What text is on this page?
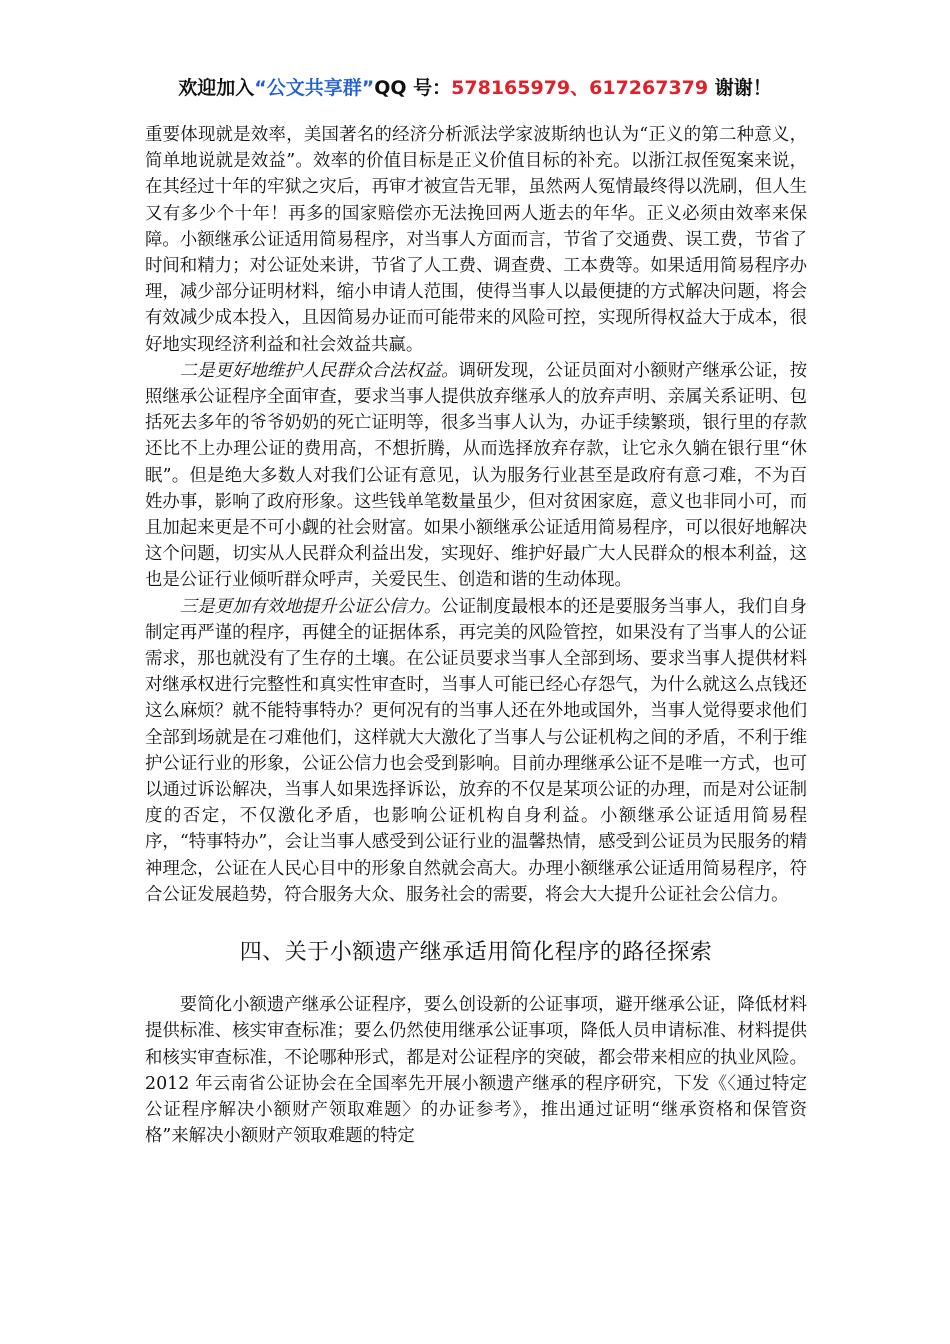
欢迎加入“公文共享群”QQ 号：578165979、617267379 谢谢！

重要体现就是效率，美国著名的经济分析派法学家波斯纳也认为“正义的第二种意义，简单地说就是效益”。效率的价值目标是正义价值目标的补充。以浙江叔侄冤案来说，在其经过十年的牢狱之灾后，再审才被宣告无罪，虽然两人冤情最终得以洗刷，但人生又有多少个十年！再多的国家赔偿亦无法挽回两人逝去的年华。正义必须由效率来保障。小额继承公证适用简易程序，对当事人方面而言，节省了交通费、误工费，节省了时间和精力；对公证处来讲，节省了人工费、调查费、工本费等。如果适用简易程序办理，减少部分证明材料，缩小申请人范围，使得当事人以最便捷的方式解决问题，将会有效减少成本投入，且因简易办证而可能带来的风险可控，实现所得权益大于成本，很好地实现经济利益和社会效益共赢。

二是更好地维护人民群众合法权益。调研发现，公证员面对小额财产继承公证，按照继承公证程序全面审查，要求当事人提供放弃继承人的放弃声明、亲属关系证明、包括死去多年的爷爷奶奶的死亡证明等，很多当事人认为，办证手续繁琐，银行里的存款还比不上办理公证的费用高，不想折腾，从而选择放弃存款，让它永久躺在银行里“休眠”。但是绝大多数人对我们公证有意见，认为服务行业甚至是政府有意刁难，不为百姓办事，影响了政府形象。这些钱单笔数量虽少，但对贫困家庭，意义也非同小可，而且加起来更是不可小觑的社会财富。如果小额继承公证适用简易程序，可以很好地解决这个问题，切实从人民群众利益出发，实现好、维护好最广大人民群众的根本利益，这也是公证行业倾听群众呼声，关爱民生、创造和谐的生动体现。

三是更加有效地提升公证公信力。公证制度最根本的还是要服务当事人，我们自身制定再严谨的程序，再健全的证据体系，再完美的风险管控，如果没有了当事人的公证需求，那也就没有了生存的土壤。在公证员要求当事人全部到场、要求当事人提供材料对继承权进行完整性和真实性审查时，当事人可能已经心存怨气，为什么就这么点钱还这么麻烦？就不能特事特办？更何况有的当事人还在外地或国外，当事人觉得要求他们全部到场就是在刁难他们，这样就大大激化了当事人与公证机构之间的矛盾，不利于维护公证行业的形象，公证公信力也会受到影响。目前办理继承公证不是唯一方式，也可以通过诉讼解决，当事人如果选择诉讼，放弃的不仅是某项公证的办理，而是对公证制度的否定，不仅激化矛盾，也影响公证机构自身利益。小额继承公证适用简易程序，“特事特办”，会让当事人感受到公证行业的温馨热情，感受到公证员为民服务的精神理念，公证在人民心目中的形象自然就会高大。办理小额继承公证适用简易程序，符合公证发展趋势，符合服务大众、服务社会的需要，将会大大提升公证社会公信力。

四、关于小额遗产继承适用简化程序的路径探索

要简化小额遗产继承公证程序，要么创设新的公证事项，避开继承公证，降低材料提供标准、核实审查标准；要么仍然使用继承公证事项，降低人员申请标准、材料提供和核实审查标准，不论哪种形式，都是对公证程序的突破，都会带来相应的执业风险。2012 年云南省公证协会在全国率先开展小额遗产继承的程序研究，下发《〈通过特定公证程序解决小额财产领取难题〉的办证参考》，推出通过证明“继承资格和保管资格”来解决小额财产领取难题的特定
